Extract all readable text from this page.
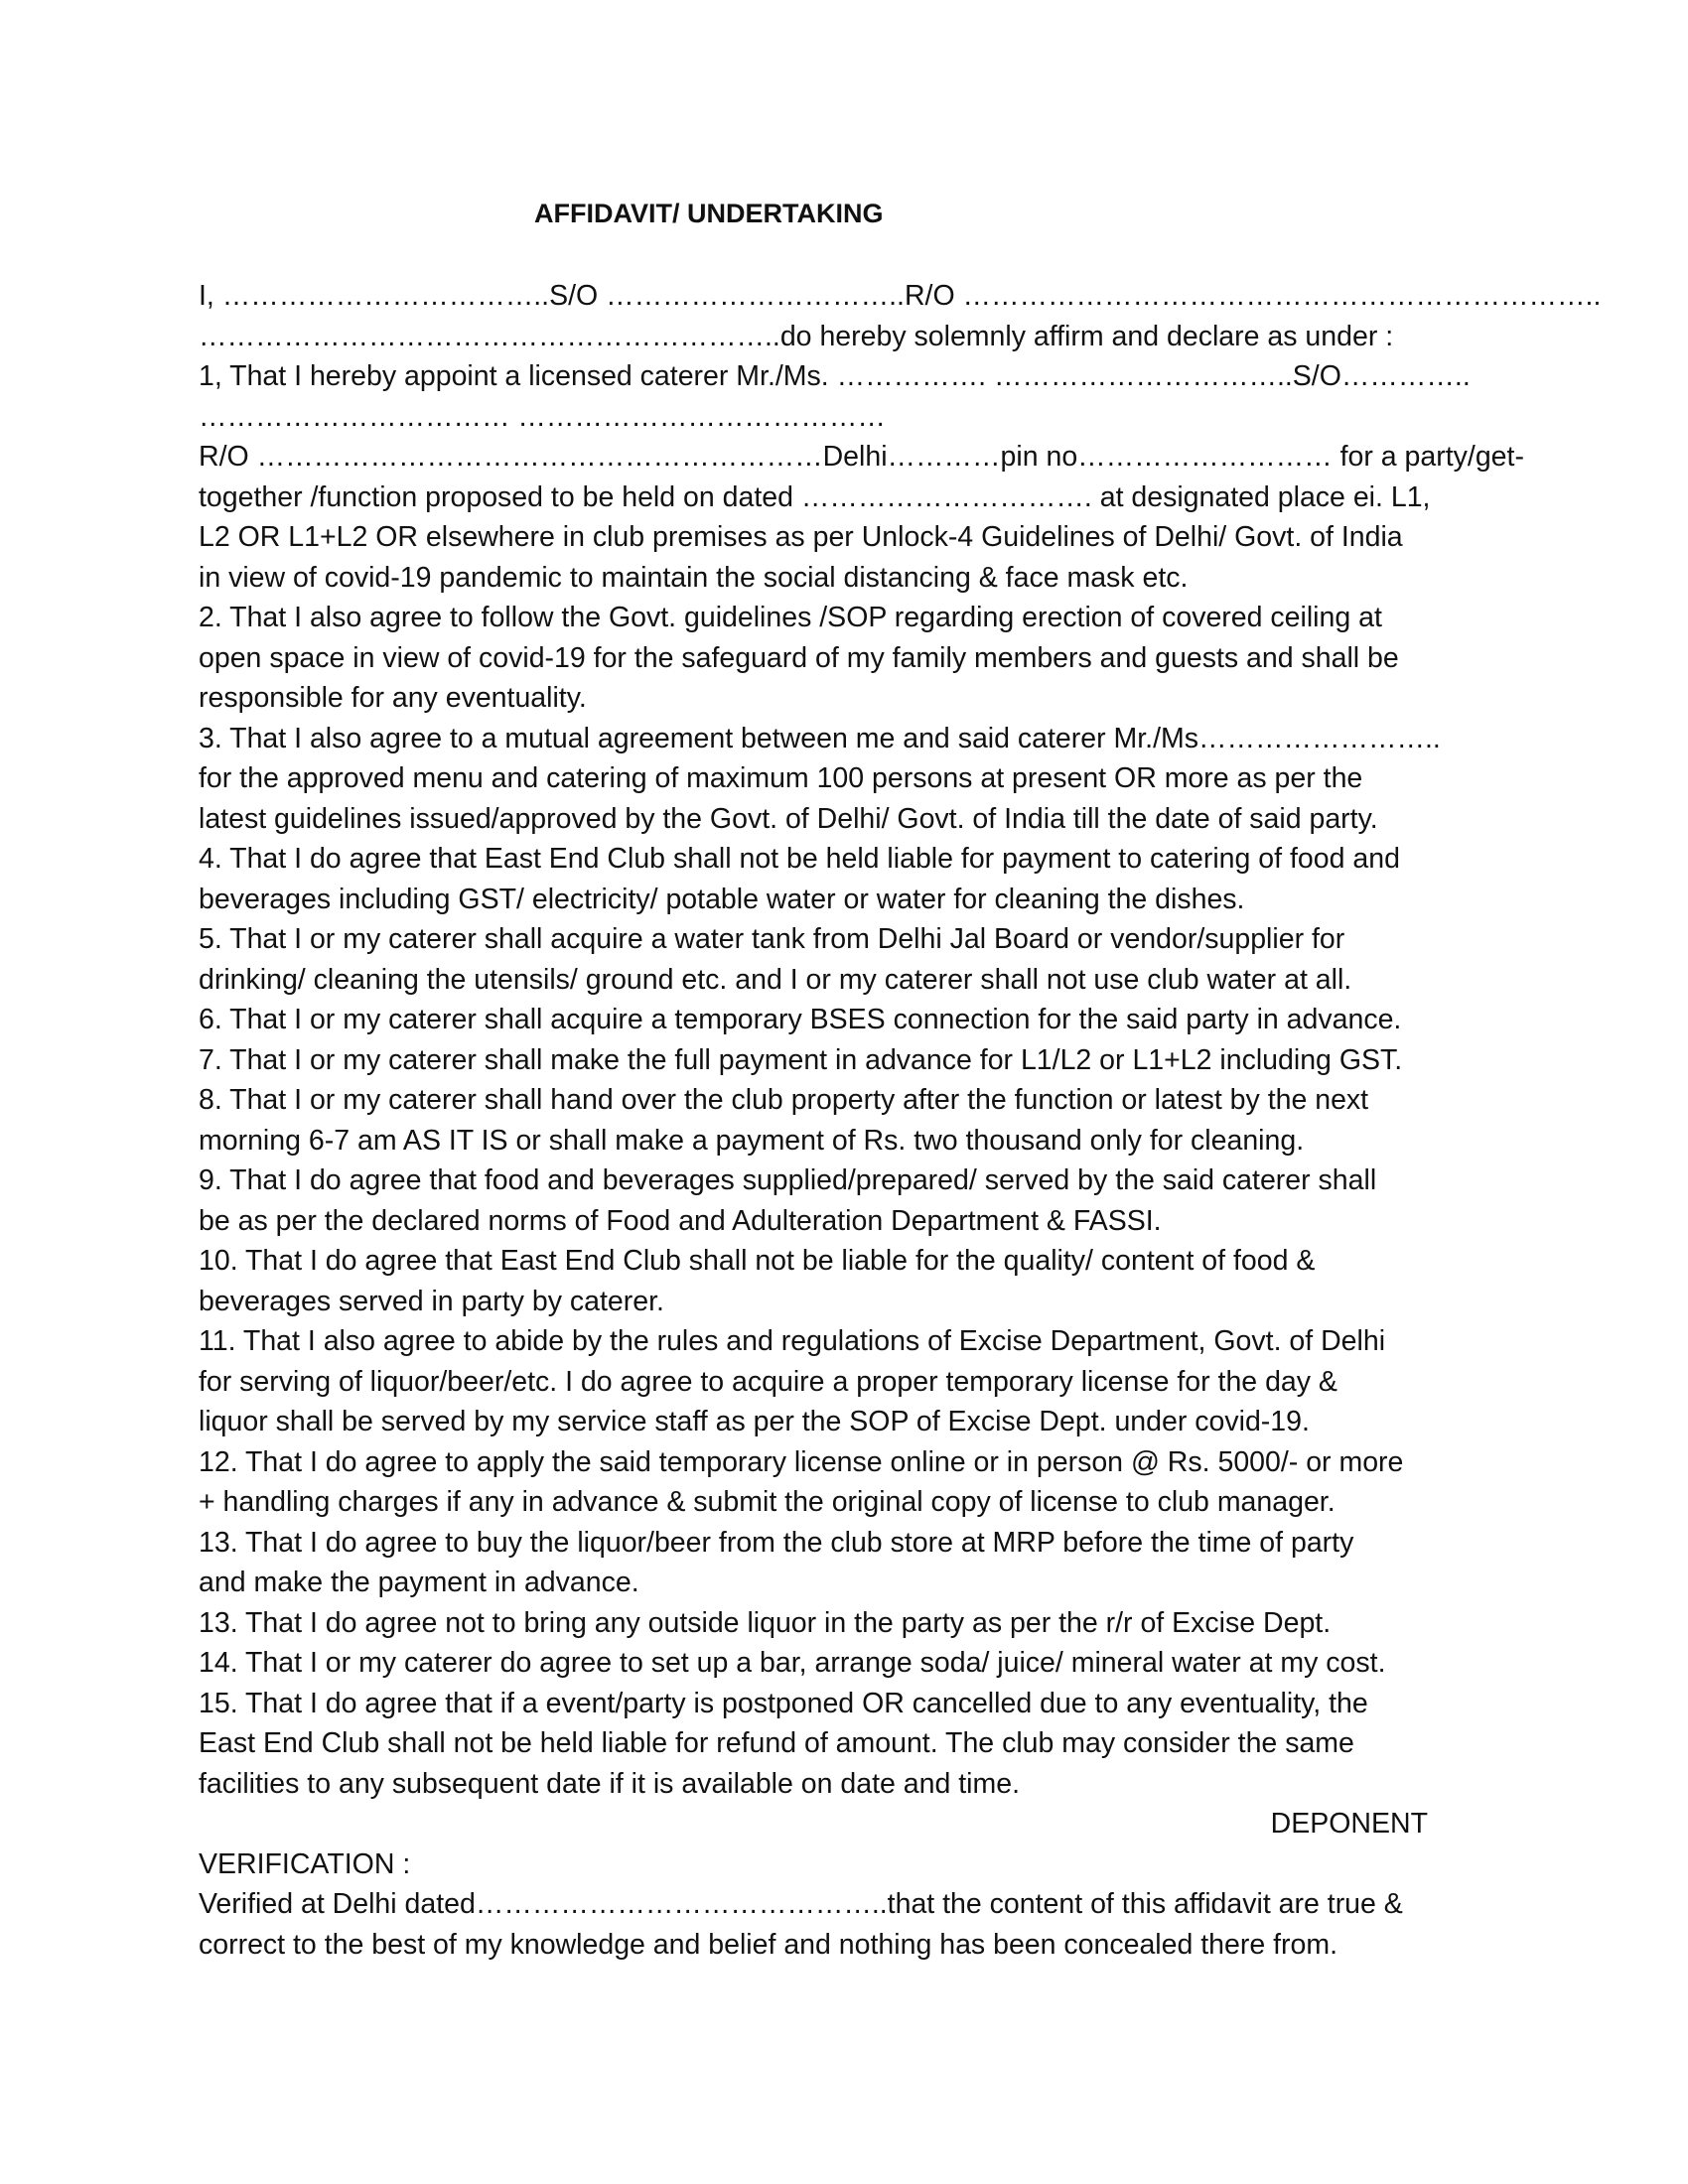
AFFIDAVIT/ UNDERTAKING
I, ……………………………..S/O …………………………..R/O …………………………………………………………..
……………………………………………………..do hereby solemnly affirm and declare as under :
1, That I hereby appoint a licensed caterer Mr./Ms. ……………. …………………………..S/O…………..
…………………………… …………………………………
R/O ……………………………………………………Delhi…………pin no……………………… for a party/get-
together /function proposed to be held on dated …………………………. at designated place ei. L1,
L2 OR L1+L2 OR elsewhere in club premises as per Unlock-4 Guidelines of Delhi/ Govt. of India
in view of covid-19 pandemic to maintain the social distancing & face mask etc.
2. That I also agree to follow the Govt. guidelines /SOP regarding erection of covered ceiling at
open space in view of covid-19 for the safeguard of my family members and guests and shall be
responsible for any eventuality.
3. That I also agree to a mutual agreement between me and said caterer Mr./Ms……………………..
for the approved menu and catering of maximum 100 persons at present OR more as per the
latest guidelines issued/approved by the Govt. of Delhi/ Govt. of India till the date of said party.
4. That I do agree that East End Club shall not be held liable for payment to catering of food and
beverages including GST/ electricity/ potable water or water for cleaning the dishes.
5. That I or my caterer shall acquire a water tank from Delhi Jal Board or vendor/supplier for
drinking/ cleaning the utensils/ ground etc. and I or my caterer shall not use club water at all.
6. That I or my caterer shall acquire a temporary BSES connection for the said party in advance.
7. That I or my caterer shall make the full payment in advance for L1/L2 or L1+L2 including GST.
8. That I or my caterer shall hand over the club property after the function or latest by the next
morning 6-7 am AS IT IS or shall make a payment of Rs. two thousand only for cleaning.
9. That I do agree that food and beverages supplied/prepared/ served by the said caterer shall
be as per the declared norms of Food and Adulteration Department & FASSI.
10. That I do agree that East End Club shall not be liable for the quality/ content of food &
beverages served in party by caterer.
11. That I also agree to abide by the rules and regulations of Excise Department, Govt. of Delhi
for serving of liquor/beer/etc. I do agree to acquire a proper temporary license for the day &
liquor shall be served by my service staff as per the SOP of Excise Dept. under covid-19.
12. That I do agree to apply the said temporary license online or in person @ Rs. 5000/- or more
+ handling charges if any in advance & submit the original copy of license to club manager.
13. That I do agree to buy the liquor/beer from the club store at MRP before the time of party
and make the payment in advance.
13. That I do agree not to bring any outside liquor in the party as per the r/r of Excise Dept.
14. That I or my caterer do agree to set up a bar, arrange soda/ juice/ mineral water at my cost.
15. That I do agree that if a event/party is postponed OR cancelled due to any eventuality, the
East End Club shall not be held liable for refund of amount. The club may consider the same
facilities to any subsequent date if it is available on date and time.
DEPONENT
VERIFICATION :
Verified at Delhi dated……………………………………..that the content of this affidavit are true &
correct to the best of my knowledge and belief and nothing has been concealed there from.
